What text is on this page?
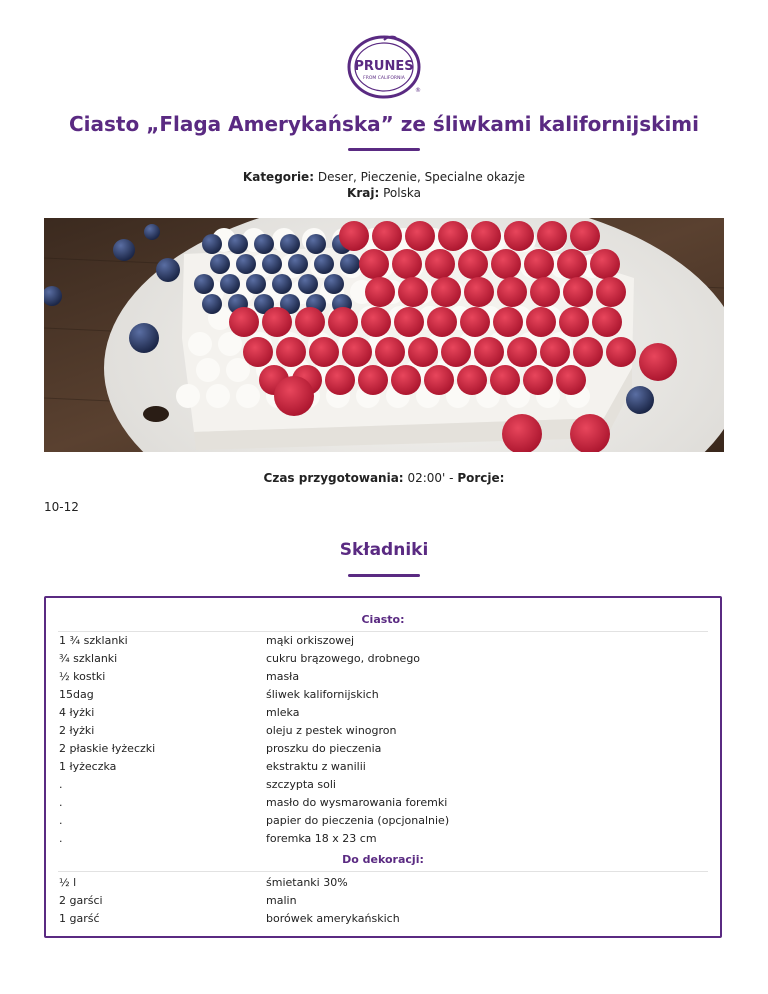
PRUNES
FROM CALIFORNIA
®
Ciasto „Flaga Amerykańska” ze śliwkami kalifornijskimi
Kategorie: Deser, Pieczenie, Specialne okazje
Kraj: Polska
Czas przygotowania: 02:00' - Porcje:
10-12
Składniki
Ciasto:
1 ¾ szklanki	mąki orkiszowej
¾ szklanki	cukru brązowego, drobnego
½ kostki	masła
15dag	śliwek kalifornijskich
4 łyżki	mleka
2 łyżki	oleju z pestek winogron
2 płaskie łyżeczki	proszku do pieczenia
1 łyżeczka	ekstraktu z wanilii
.	szczypta soli
.	masło do wysmarowania foremki
.	papier do pieczenia (opcjonalnie)
.	foremka 18 x 23 cm
Do dekoracji:
½ l	śmietanki 30%
2 garści	malin
1 garść	borówek amerykańskich
